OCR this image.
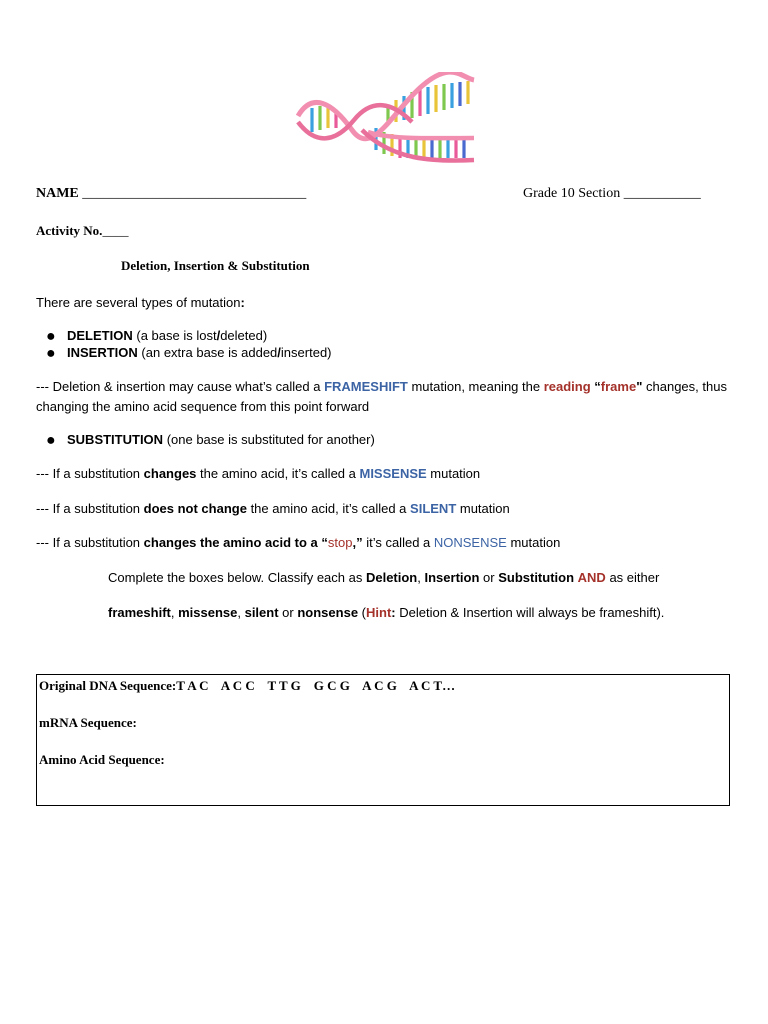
NAME ________________________________	Grade 10 Section ___________
Activity No.____
Deletion, Insertion & Substitution
There are several types of mutation:
● DELETION (a base is lost/deleted)
● INSERTION (an extra base is added/inserted)
--- Deletion & insertion may cause what’s called a FRAMESHIFT mutation, meaning the reading “frame" changes, thus
changing the amino acid sequence from this point forward
● SUBSTITUTION (one base is substituted for another)
--- If a substitution changes the amino acid, it’s called a MISSENSE mutation
--- If a substitution does not change the amino acid, it’s called a SILENT mutation
--- If a substitution changes the amino acid to a “stop,” it’s called a NONSENSE mutation
Complete the boxes below. Classify each as Deletion, Insertion or Substitution AND as either
frameshift, missense, silent or nonsense (Hint: Deletion & Insertion will always be frameshift).
Original DNA Sequence:T A C    A C C    T T G    G C G    A C G    A C T…
mRNA Sequence:
Amino Acid Sequence:
